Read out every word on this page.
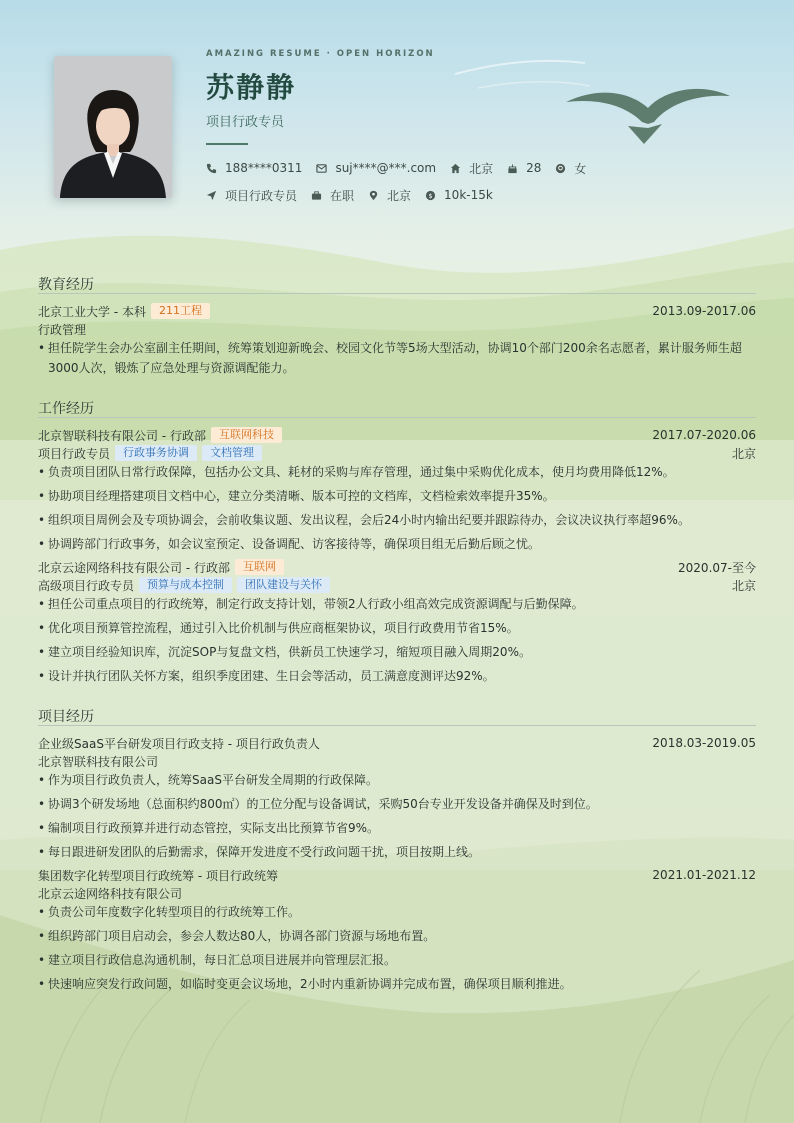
AMAZING RESUME · OPEN HORIZON
苏静静
项目行政专员
188****0311	suj****@***.com	北京	28	女
项目行政专员	在职	北京 $ 10k-15k
教育经历
北京工业大学 - 本科	211工程	2013.09-2017.06
行政管理
• 担任院学生会办公室副主任期间，统筹策划迎新晚会、校园文化节等5场大型活动，协调10个部门200余名志愿者，累计服务师生超3000人次，锻炼了应急处理与资源调配能力。
工作经历
北京智联科技有限公司 - 行政部	互联网科技	2017.07-2020.06
项目行政专员	行政事务协调	文档管理	北京
• 负责项目团队日常行政保障，包括办公文具、耗材的采购与库存管理，通过集中采购优化成本，使月均费用降低12%。
• 协助项目经理搭建项目文档中心，建立分类清晰、版本可控的文档库，文档检索效率提升35%。
• 组织项目周例会及专项协调会，会前收集议题、发出议程，会后24小时内输出纪要并跟踪待办，会议决议执行率超96%。
• 协调跨部门行政事务，如会议室预定、设备调配、访客接待等，确保项目组无后勤后顾之忧。
北京云途网络科技有限公司 - 行政部	互联网	2020.07-至今
高级项目行政专员	预算与成本控制	团队建设与关怀	北京
• 担任公司重点项目的行政统筹，制定行政支持计划，带领2人行政小组高效完成资源调配与后勤保障。
• 优化项目预算管控流程，通过引入比价机制与供应商框架协议，项目行政费用节省15%。
• 建立项目经验知识库，沉淀SOP与复盘文档，供新员工快速学习，缩短项目融入周期20%。
• 设计并执行团队关怀方案，组织季度团建、生日会等活动，员工满意度测评达92%。
项目经历
企业级SaaS平台研发项目行政支持 - 项目行政负责人	2018.03-2019.05
北京智联科技有限公司
• 作为项目行政负责人，统筹SaaS平台研发全周期的行政保障。
• 协调3个研发场地（总面积约800㎡）的工位分配与设备调试，采购50台专业开发设备并确保及时到位。
• 编制项目行政预算并进行动态管控，实际支出比预算节省9%。
• 每日跟进研发团队的后勤需求，保障开发进度不受行政问题干扰，项目按期上线。
集团数字化转型项目行政统筹 - 项目行政统筹	2021.01-2021.12
北京云途网络科技有限公司
• 负责公司年度数字化转型项目的行政统筹工作。
• 组织跨部门项目启动会，参会人数达80人，协调各部门资源与场地布置。
• 建立项目行政信息沟通机制，每日汇总项目进展并向管理层汇报。
• 快速响应突发行政问题，如临时变更会议场地，2小时内重新协调并完成布置，确保项目顺利推进。
